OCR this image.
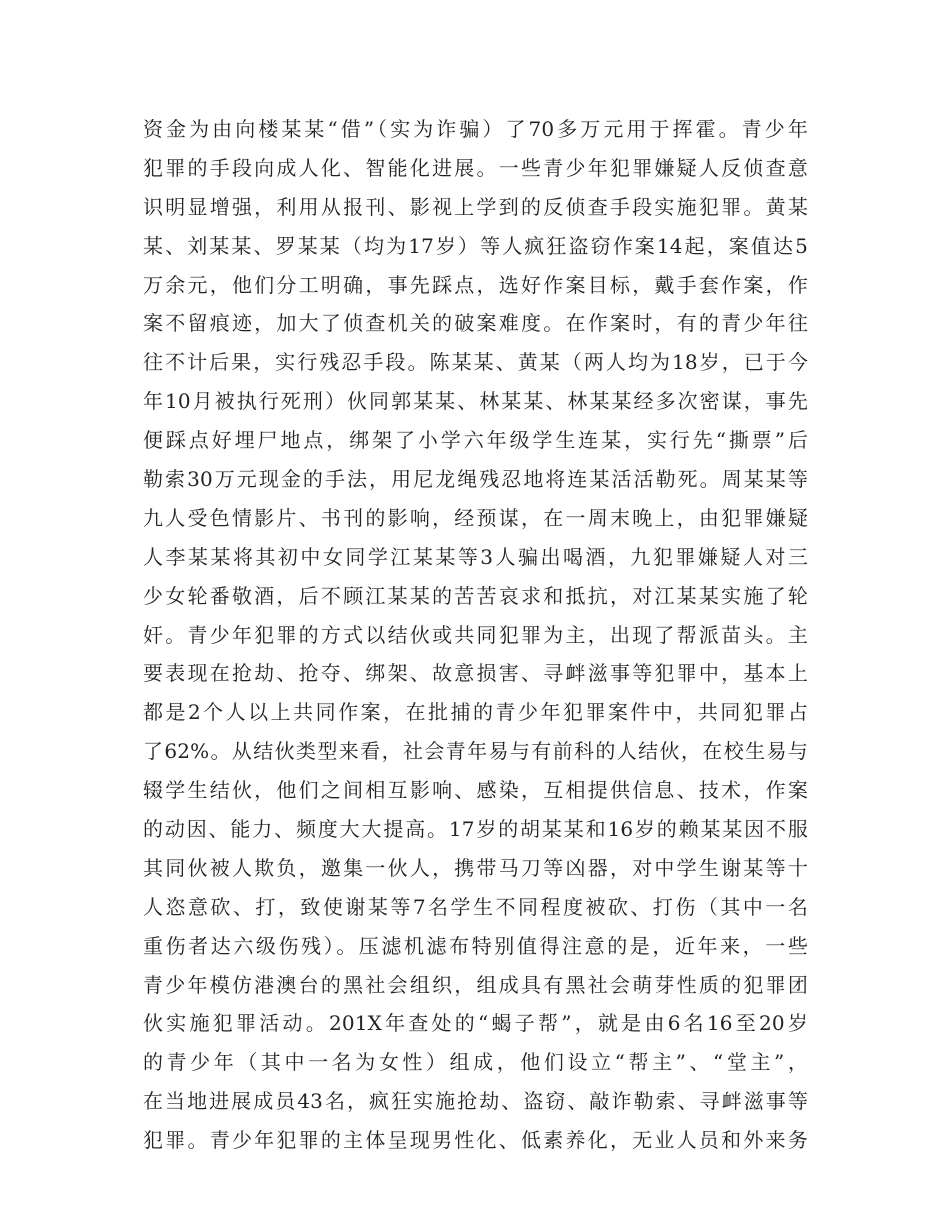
资金为由向楼某某“借”（实为诈骗）了70多万元用于挥霍。青少年
犯罪的手段向成人化、智能化进展。一些青少年犯罪嫌疑人反侦查意
识明显增强，利用从报刊、影视上学到的反侦查手段实施犯罪。黄某
某、刘某某、罗某某（均为17岁）等人疯狂盗窃作案14起，案值达5
万余元，他们分工明确，事先踩点，选好作案目标，戴手套作案，作
案不留痕迹，加大了侦查机关的破案难度。在作案时，有的青少年往
往不计后果，实行残忍手段。陈某某、黄某（两人均为18岁，已于今
年10月被执行死刑）伙同郭某某、林某某、林某某经多次密谋，事先
便踩点好埋尸地点，绑架了小学六年级学生连某，实行先“撕票”后
勒索30万元现金的手法，用尼龙绳残忍地将连某活活勒死。周某某等
九人受色情影片、书刊的影响，经预谋，在一周末晚上，由犯罪嫌疑
人李某某将其初中女同学江某某等3人骗出喝酒，九犯罪嫌疑人对三
少女轮番敬酒，后不顾江某某的苦苦哀求和抵抗，对江某某实施了轮
奸。青少年犯罪的方式以结伙或共同犯罪为主，出现了帮派苗头。主
要表现在抢劫、抢夺、绑架、故意损害、寻衅滋事等犯罪中，基本上
都是2个人以上共同作案，在批捕的青少年犯罪案件中，共同犯罪占
了62%。从结伙类型来看，社会青年易与有前科的人结伙，在校生易与
辍学生结伙，他们之间相互影响、感染，互相提供信息、技术，作案
的动因、能力、频度大大提高。17岁的胡某某和16岁的赖某某因不服
其同伙被人欺负，邀集一伙人，携带马刀等凶器，对中学生谢某等十
人恣意砍、打，致使谢某等7名学生不同程度被砍、打伤（其中一名
重伤者达六级伤残）。压滤机滤布特别值得注意的是，近年来，一些
青少年模仿港澳台的黑社会组织，组成具有黑社会萌芽性质的犯罪团
伙实施犯罪活动。201X年查处的“蝎子帮”，就是由6名16至20岁
的青少年（其中一名为女性）组成，他们设立“帮主”、“堂主”，
在当地进展成员43名，疯狂实施抢劫、盗窃、敲诈勒索、寻衅滋事等
犯罪。青少年犯罪的主体呈现男性化、低素养化，无业人员和外来务
